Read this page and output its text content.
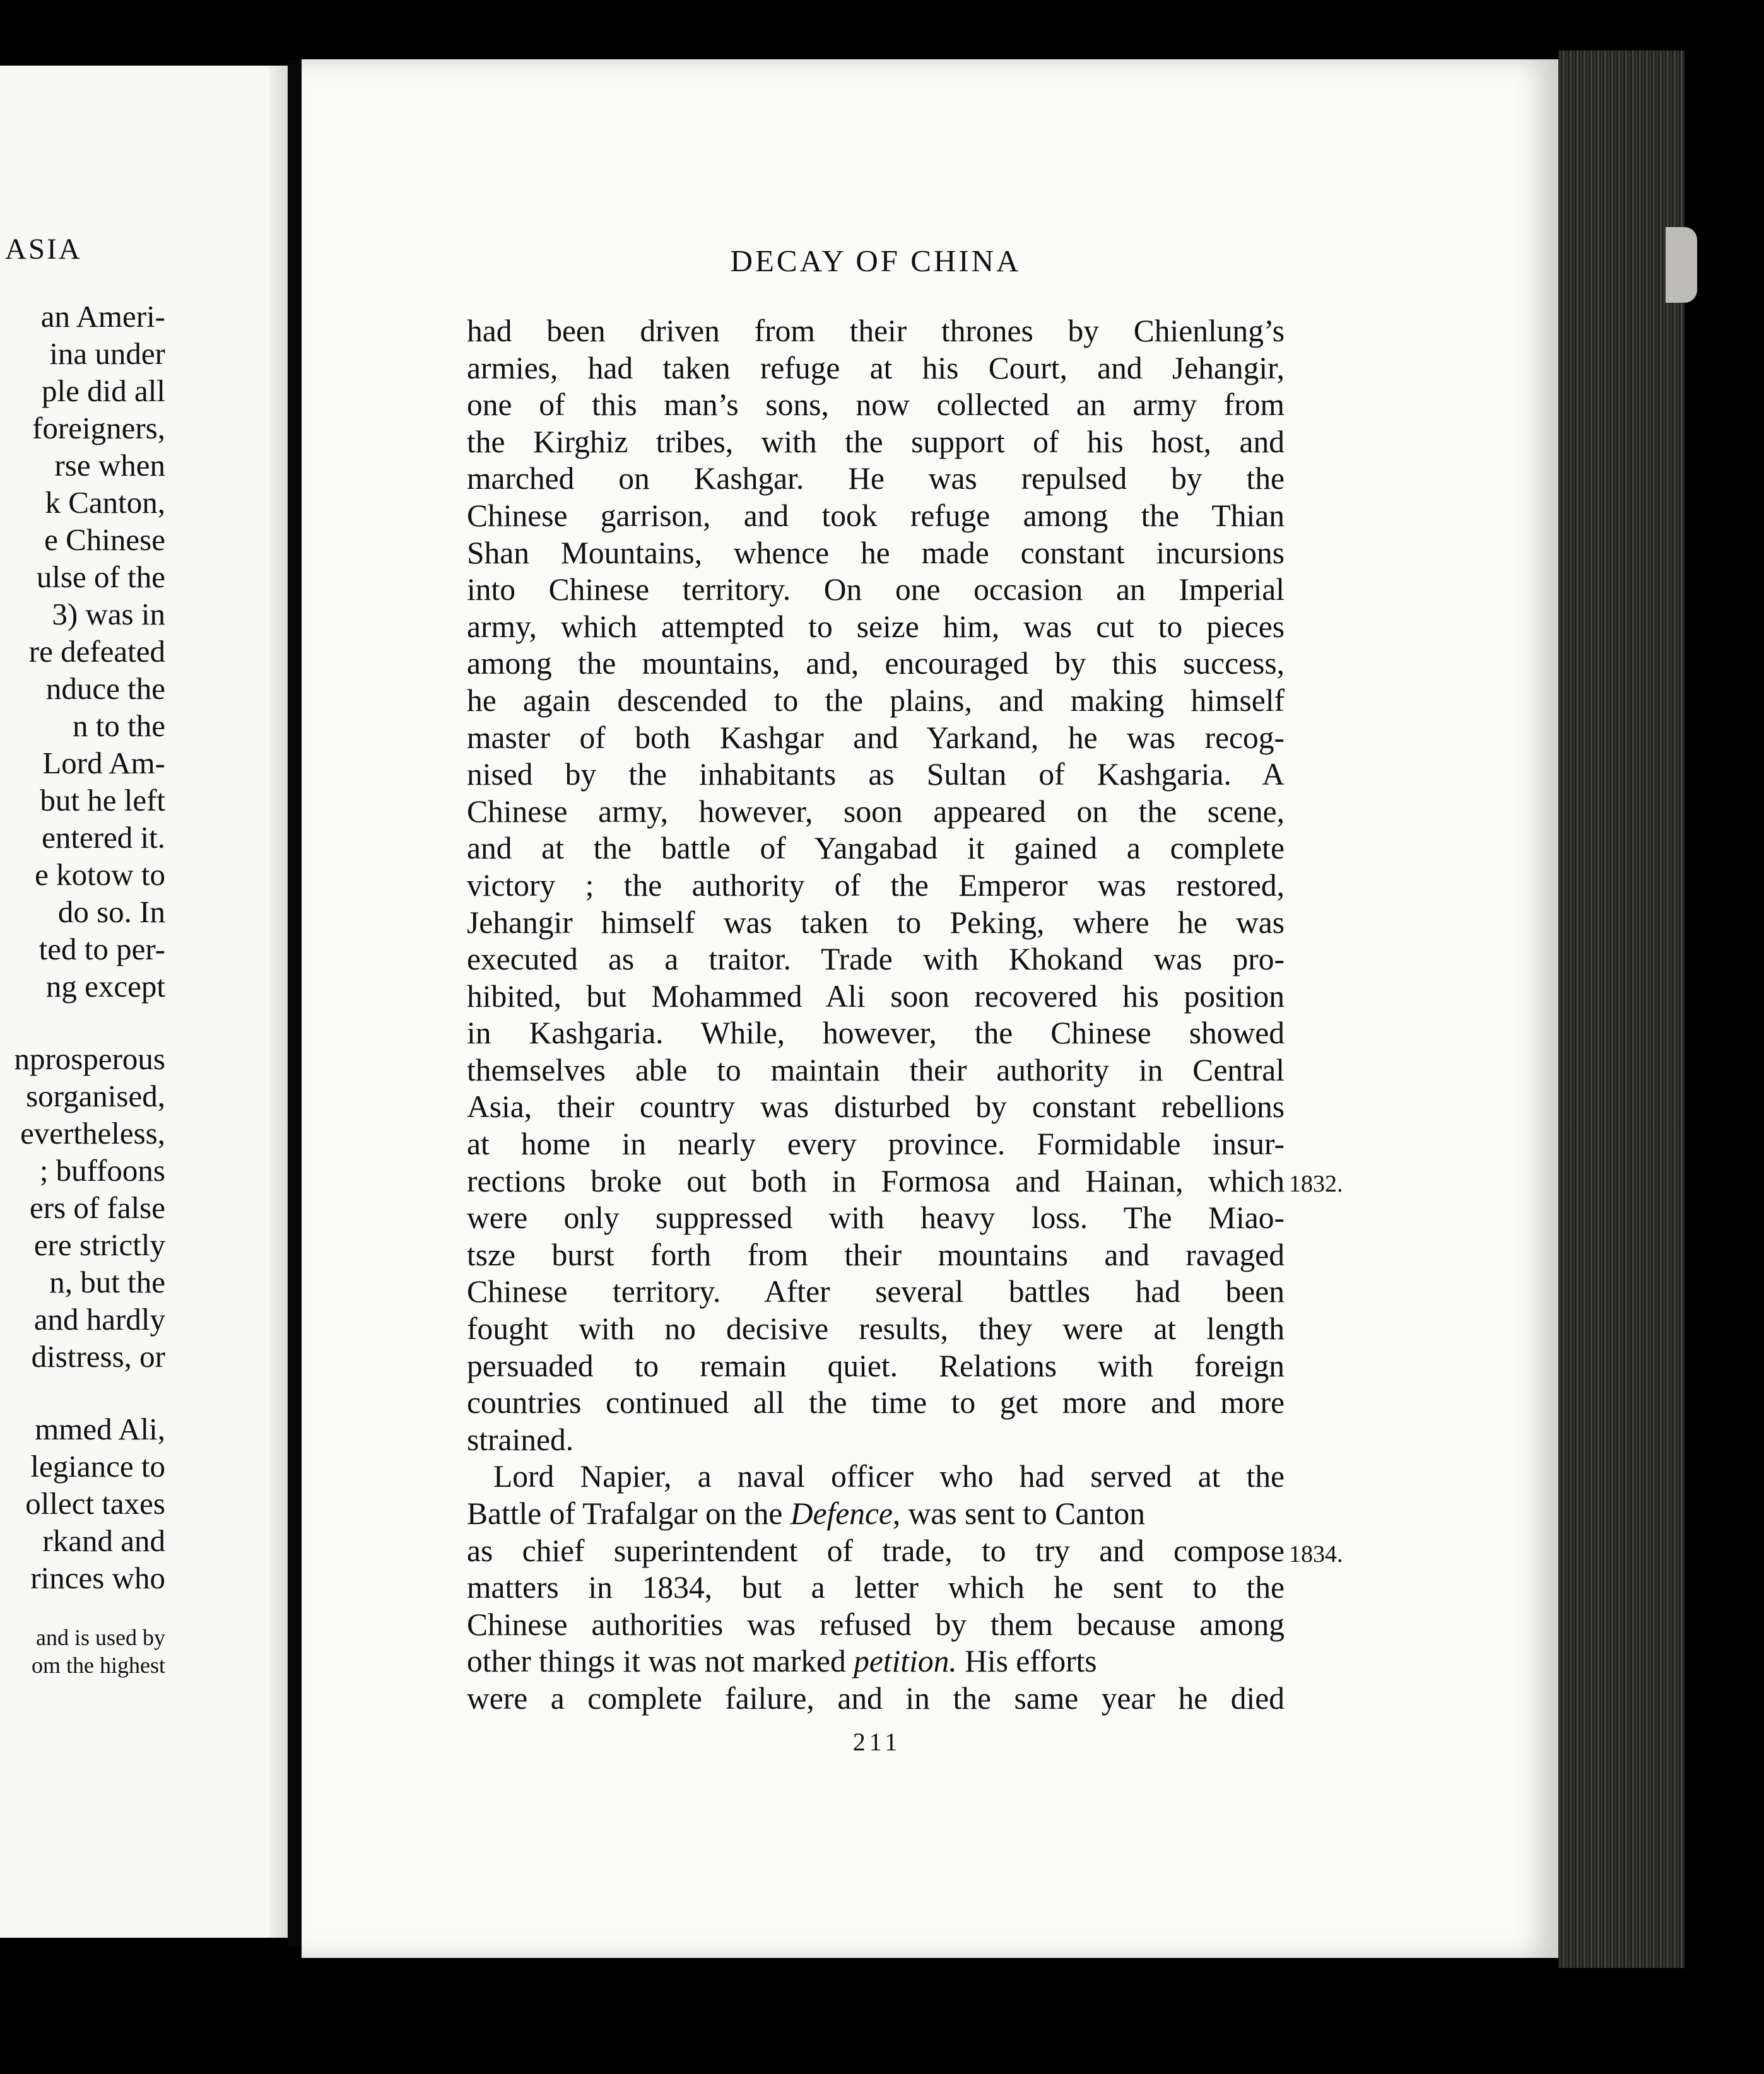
ASIA
an Ameri-
ina under
ple did all
foreigners,
rse when
k Canton,
e Chinese
ulse of the
3) was in
re defeated
nduce the
n to the
Lord Am-
but he left
entered it.
e kotow to
do so. In
ted to per-
ng except
nprosperous
sorganised,
evertheless,
; buffoons
ers of false
ere strictly
n, but the
and hardly
distress, or
mmed Ali,
legiance to
ollect taxes
rkand and
rinces who
and is used by
om the highest
DECAY OF CHINA
had been driven from their thrones by Chienlung’s
armies, had taken refuge at his Court, and Jehangir,
one of this man’s sons, now collected an army from
the Kirghiz tribes, with the support of his host, and
marched on Kashgar. He was repulsed by the
Chinese garrison, and took refuge among the Thian
Shan Mountains, whence he made constant incursions
into Chinese territory. On one occasion an Imperial
army, which attempted to seize him, was cut to pieces
among the mountains, and, encouraged by this success,
he again descended to the plains, and making himself
master of both Kashgar and Yarkand, he was recog-
nised by the inhabitants as Sultan of Kashgaria. A
Chinese army, however, soon appeared on the scene,
and at the battle of Yangabad it gained a complete
victory ; the authority of the Emperor was restored,
Jehangir himself was taken to Peking, where he was
executed as a traitor. Trade with Khokand was pro-
hibited, but Mohammed Ali soon recovered his position
in Kashgaria. While, however, the Chinese showed
themselves able to maintain their authority in Central
Asia, their country was disturbed by constant rebellions
at home in nearly every province. Formidable insur-
rections broke out both in Formosa and Hainan, which
were only suppressed with heavy loss. The Miao-
tsze burst forth from their mountains and ravaged
Chinese territory. After several battles had been
fought with no decisive results, they were at length
persuaded to remain quiet. Relations with foreign
countries continued all the time to get more and more
strained.
Lord Napier, a naval officer who had served at the
Battle of Trafalgar on the Defence , was sent to Canton
as chief superintendent of trade, to try and compose
matters in 1834, but a letter which he sent to the
Chinese authorities was refused by them because among
other things it was not marked petition. His efforts
were a complete failure, and in the same year he died
1832.
1834.
211
